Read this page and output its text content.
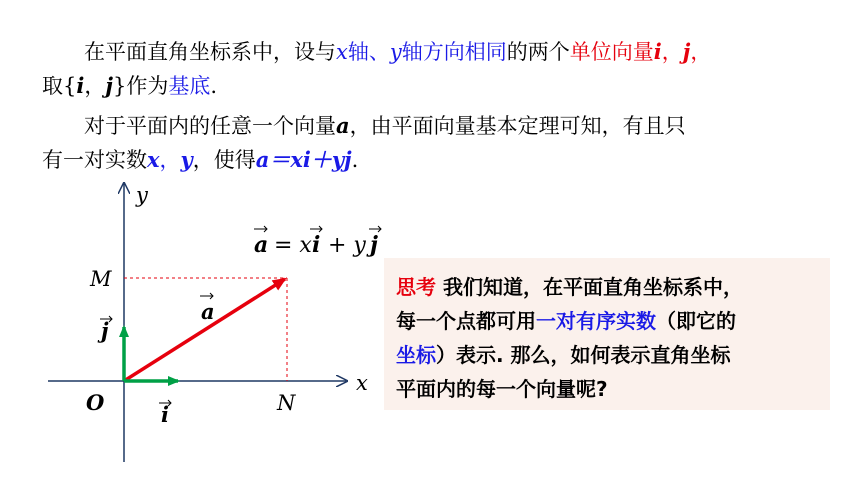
　　在平面直角坐标系中，设与x轴、y轴方向相同的两个单位向量i，j，
取{i，j}作为基底.

　　对于平面内的任意一个向量a，由平面向量基本定理可知，有且只
有一对实数x，y，使得a＝xi＋yj.

y
x
O
M
N
i
j
a
a = x i + y j
思考 我们知道，在平面直角坐标系中，
每一个点都可用一对有序实数（即它的
坐标）表示. 那么，如何表示直角坐标
平面内的每一个向量呢?
